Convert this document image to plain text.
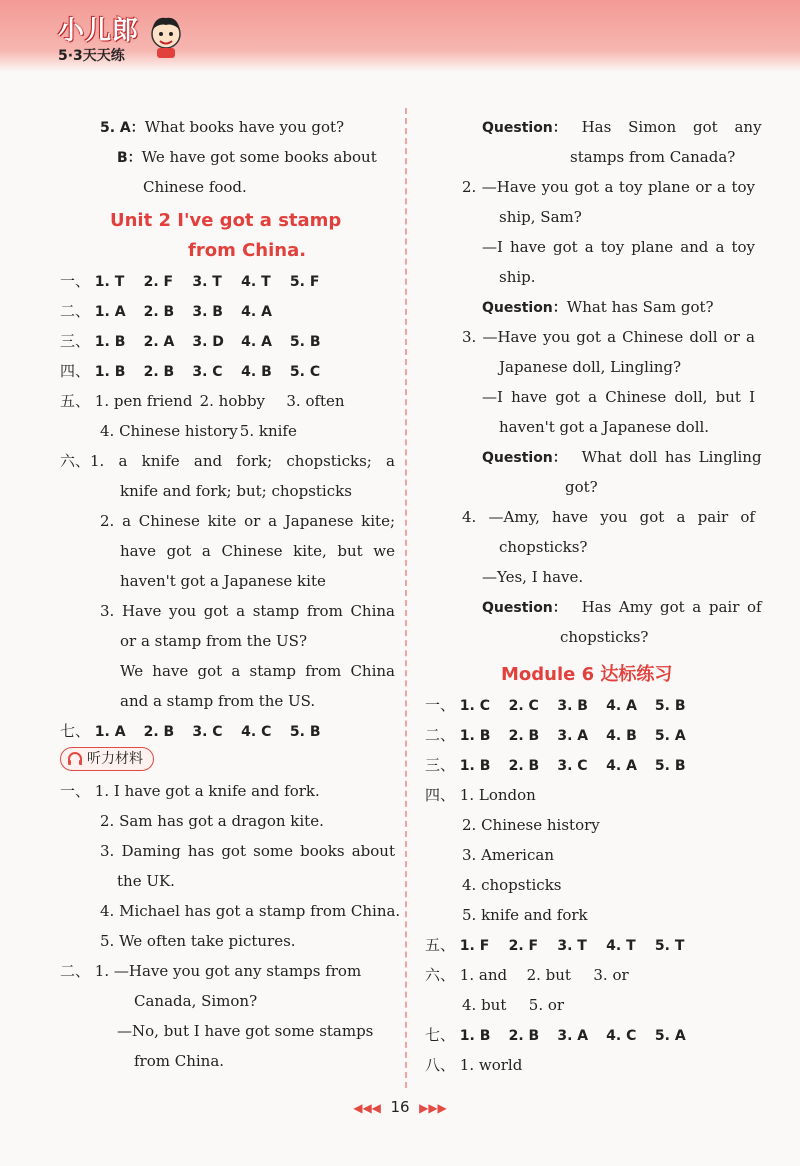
小儿郎
5·3天天练
5. A：What books have you got?
B：We have got some books about
Chinese food.
Unit 2 I've got a stamp
from China.
一、 1. T 2. F 3. T 4. T 5. F
二、 1. A 2. B 3. B 4. A
三、 1. B 2. A 3. D 4. A 5. B
四、 1. B 2. B 3. C 4. B 5. C
五、 1. pen friend 2. hobby 3. often
4. Chinese history 5. knife
六、 1. a knife and fork; chopsticks; a
knife and fork; but; chopsticks
2. a Chinese kite or a Japanese kite;
have got a Chinese kite, but we
haven't got a Japanese kite
3. Have you got a stamp from China
or a stamp from the US?
We have got a stamp from China
and a stamp from the US.
七、 1. A 2. B 3. C 4. C 5. B
听力材料
一、 1. I have got a knife and fork.
2. Sam has got a dragon kite.
3. Daming has got some books about
the UK.
4. Michael has got a stamp from China.
5. We often take pictures.
二、 1. —Have you got any stamps from
Canada, Simon?
—No, but I have got some stamps
from China.
Question： Has Simon got any
stamps from Canada?
2. —Have you got a toy plane or a toy
ship, Sam?
—I have got a toy plane and a toy
ship.
Question：What has Sam got?
3. —Have you got a Chinese doll or a
Japanese doll, Lingling?
—I have got a Chinese doll, but I
haven't got a Japanese doll.
Question： What doll has Lingling
got?
4. —Amy, have you got a pair of
chopsticks?
—Yes, I have.
Question： Has Amy got a pair of
chopsticks?
Module 6 达标练习
一、 1. C 2. C 3. B 4. A 5. B
二、 1. B 2. B 3. A 4. B 5. A
三、 1. B 2. B 3. C 4. A 5. B
四、 1. London
2. Chinese history
3. American
4. chopsticks
5. knife and fork
五、 1. F 2. F 3. T 4. T 5. T
六、 1. and 2. but 3. or
4. but 5. or
七、 1. B 2. B 3. A 4. C 5. A
八、 1. world
◀◀◀ 16 ▶▶▶
